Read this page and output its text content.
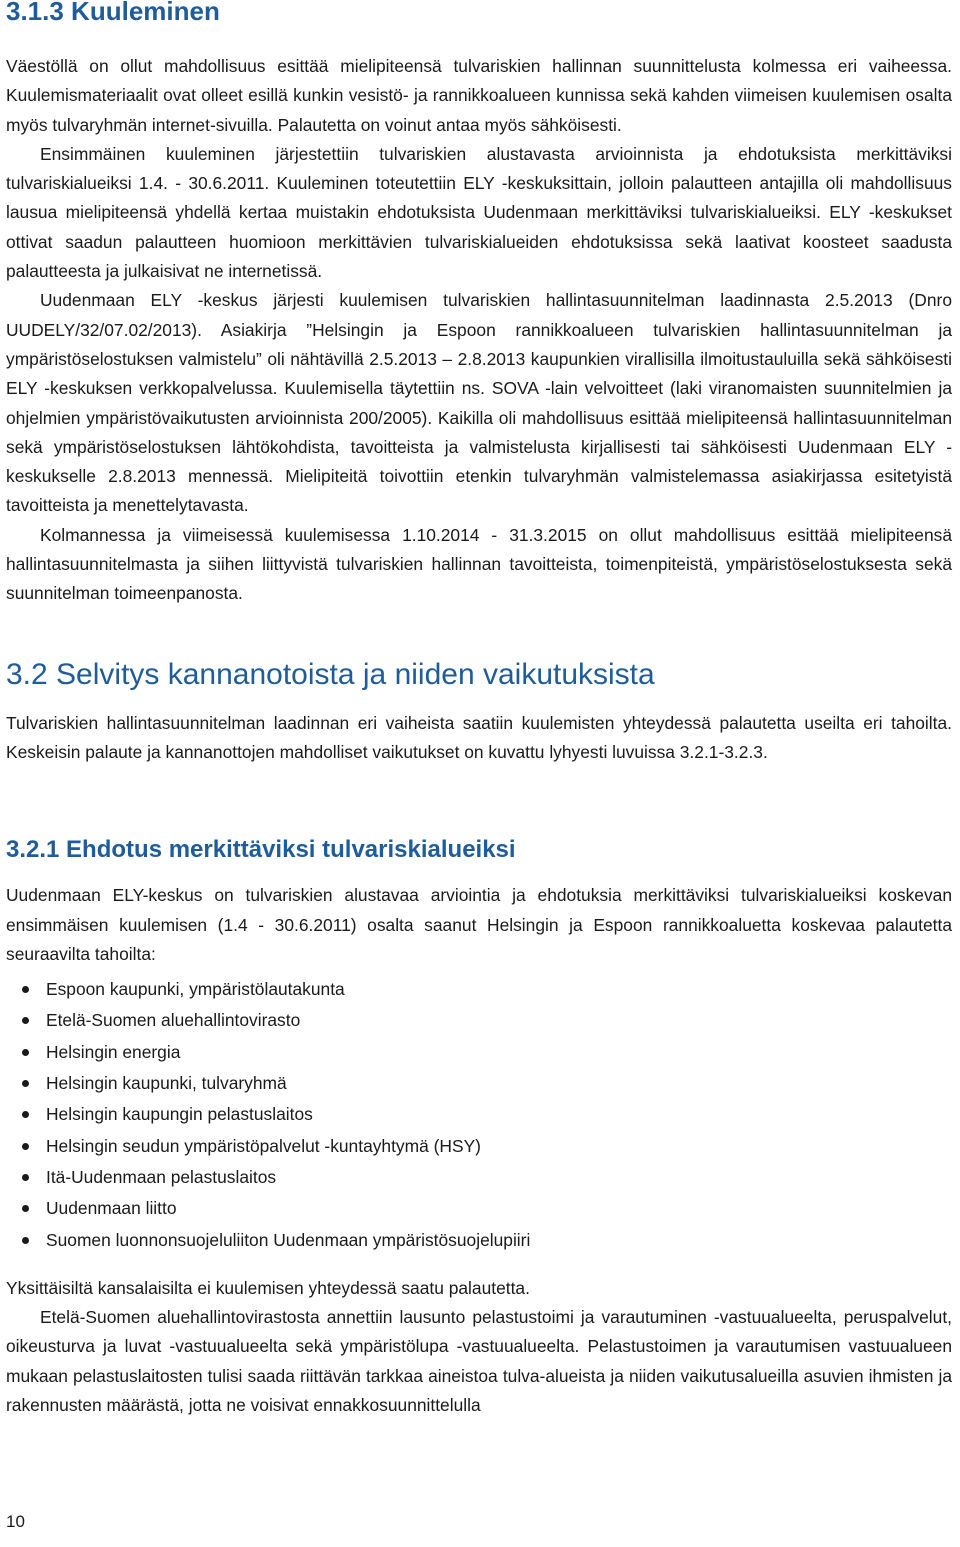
3.1.3 Kuuleminen

Väestöllä on ollut mahdollisuus esittää mielipiteensä tulvariskien hallinnan suunnittelusta kolmessa eri vaiheessa. Kuulemismateriaalit ovat olleet esillä kunkin vesistö- ja rannikkoalueen kunnissa sekä kahden viimeisen kuulemisen osalta myös tulvaryhmän internet-sivuilla. Palautetta on voinut antaa myös sähköisesti.

Ensimmäinen kuuleminen järjestettiin tulvariskien alustavasta arvioinnista ja ehdotuksista merkittäviksi tulvariskialueiksi 1.4. - 30.6.2011. Kuuleminen toteutettiin ELY -keskuksittain, jolloin palautteen antajilla oli mahdollisuus lausua mielipiteensä yhdellä kertaa muistakin ehdotuksista Uudenmaan merkittäviksi tulvariskialueiksi. ELY -keskukset ottivat saadun palautteen huomioon merkittävien tulvariskialueiden ehdotuksissa sekä laativat koosteet saadusta palautteesta ja julkaisivat ne internetissä.

Uudenmaan ELY -keskus järjesti kuulemisen tulvariskien hallintasuunnitelman laadinnasta 2.5.2013 (Dnro UUDELY/32/07.02/2013). Asiakirja ”Helsingin ja Espoon rannikkoalueen tulvariskien hallintasuunnitelman ja ympäristöselostuksen valmistelu” oli nähtävillä 2.5.2013 – 2.8.2013 kaupunkien virallisilla ilmoitustauluilla sekä sähköisesti ELY -keskuksen verkkopalvelussa. Kuulemisella täytettiin ns. SOVA -lain velvoitteet (laki viranomaisten suunnitelmien ja ohjelmien ympäristövaikutusten arvioinnista 200/2005). Kaikilla oli mahdollisuus esittää mielipiteensä hallintasuunnitelman sekä ympäristöselostuksen lähtökohdista, tavoitteista ja valmistelusta kirjallisesti tai sähköisesti Uudenmaan ELY -keskukselle 2.8.2013 mennessä. Mielipiteitä toivottiin etenkin tulvaryhmän valmistelemassa asiakirjassa esitetyistä tavoitteista ja menettelytavasta.

Kolmannessa ja viimeisessä kuulemisessa 1.10.2014 - 31.3.2015 on ollut mahdollisuus esittää mielipiteensä hallintasuunnitelmasta ja siihen liittyvistä tulvariskien hallinnan tavoitteista, toimenpiteistä, ympäristöselostuksesta sekä suunnitelman toimeenpanosta.

3.2 Selvitys kannanotoista ja niiden vaikutuksista

Tulvariskien hallintasuunnitelman laadinnan eri vaiheista saatiin kuulemisten yhteydessä palautetta useilta eri tahoilta. Keskeisin palaute ja kannanottojen mahdolliset vaikutukset on kuvattu lyhyesti luvuissa 3.2.1-3.2.3.

3.2.1 Ehdotus merkittäviksi tulvariskialueiksi

Uudenmaan ELY-keskus on tulvariskien alustavaa arviointia ja ehdotuksia merkittäviksi tulvariskialueiksi koskevan ensimmäisen kuulemisen (1.4 - 30.6.2011) osalta saanut Helsingin ja Espoon rannikkoaluetta koskevaa palautetta seuraavilta tahoilta:

Espoon kaupunki, ympäristölautakunta
Etelä-Suomen aluehallintovirasto
Helsingin energia
Helsingin kaupunki, tulvaryhmä
Helsingin kaupungin pelastuslaitos
Helsingin seudun ympäristöpalvelut -kuntayhtymä (HSY)
Itä-Uudenmaan pelastuslaitos
Uudenmaan liitto
Suomen luonnonsuojeluliiton Uudenmaan ympäristösuojelupiiri

Yksittäisiltä kansalaisilta ei kuulemisen yhteydessä saatu palautetta.

Etelä-Suomen aluehallintovirastosta annettiin lausunto pelastustoimi ja varautuminen -vastuualueelta, peruspalvelut, oikeusturva ja luvat -vastuualueelta sekä ympäristölupa -vastuualueelta. Pelastustoimen ja varautumisen vastuualueen mukaan pelastuslaitosten tulisi saada riittävän tarkkaa aineistoa tulva-alueista ja niiden vaikutusalueilla asuvien ihmisten ja rakennusten määrästä, jotta ne voisivat ennakkosuunnittelulla

10
